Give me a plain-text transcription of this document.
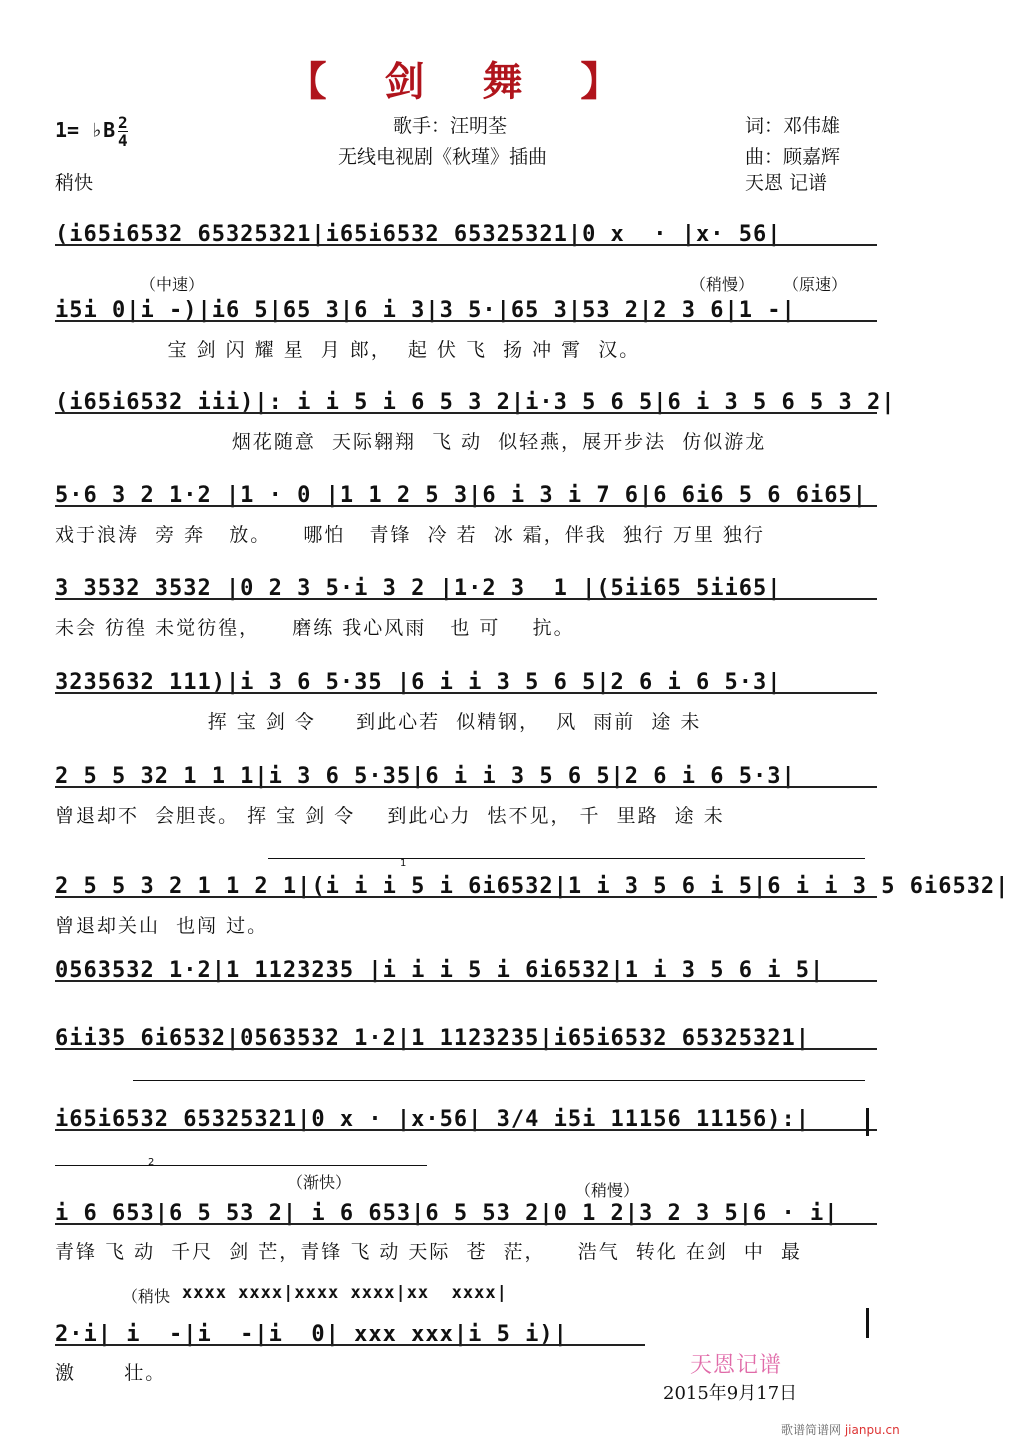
【 剑 舞 】
1= ♭B $\frac{2}{4}$
稍快
歌手：汪明荃
无线电视剧《秋瑾》插曲
词：邓伟雄
曲：顾嘉辉
天恩 记谱
（中速）	（稍慢） （原速）
（渐快）	（稍慢）
（稍快 xxxx xxxx|xxxx xxxx|xx  xxxx|
1
2
(i65i6532 65325321|i65i6532 65325321|0 x  · |x· 56|
i5i 0|i -)|i6 5|65 3|6 i 3|3 5·|65 3|53 2|2 3 6|1 -|
宝 剑 闪 耀 星  月 郎，  起 伏 飞  扬 冲 霄  汉。
(i65i6532 iii)|: i i 5 i 6 5 3 2|i·3 5 6 5|6 i 3 5 6 5 3 2|
烟花随意  天际翱翔  飞 动  似轻燕，展开步法  仿似游龙
5·6 3 2 1·2 |1 · 0 |1 1 2 5 3|6 i 3 i 7 6|6 6i6 5 6 6i65|
戏于浪涛  旁 奔   放。    哪怕   青锋  冷 若  冰 霜，伴我  独行 万里 独行
3 3532 3532 |0 2 3 5·i 3 2 |1·2 3  1 |(5ii65 5ii65|
未会 彷徨 未觉彷徨，    磨练 我心风雨   也 可    抗。
3235632 111)|i 3 6 5·35 |6 i i 3 5 6 5|2 6 i 6 5·3|
挥 宝 剑 令     到此心若  似精钢，  风  雨前  途 未
2 5 5 32 1 1 1|i 3 6 5·35|6 i i 3 5 6 5|2 6 i 6 5·3|
曾退却不  会胆丧。 挥 宝 剑 令    到此心力  怯不见， 千  里路  途 未
2 5 5 3 2 1 1 2 1|(i i i 5 i 6i6532|1 i 3 5 6 i 5|6 i i 3 5 6i6532|
曾退却关山  也闯 过。
0563532 1·2|1 1123235 |i i i 5 i 6i6532|1 i 3 5 6 i 5|
6ii35 6i6532|0563532 1·2|1 1123235|i65i6532 65325321|
i65i6532 65325321|0 x · |x·56| 3/4 i5i 11156 11156):|
i 6 653|6 5 53 2| i 6 653|6 5 53 2|0 1 2|3 2 3 5|6 · i|
青锋 飞 动  千尺  剑 芒，青锋 飞 动 天际  苍  茫，    浩气  转化 在剑  中  最
2·i| i  -|i  -|i  0| xxx xxx|i 5 i)|
激      壮。	天恩记谱
2015年9月17日
歌谱简谱网 jianpu.cn
